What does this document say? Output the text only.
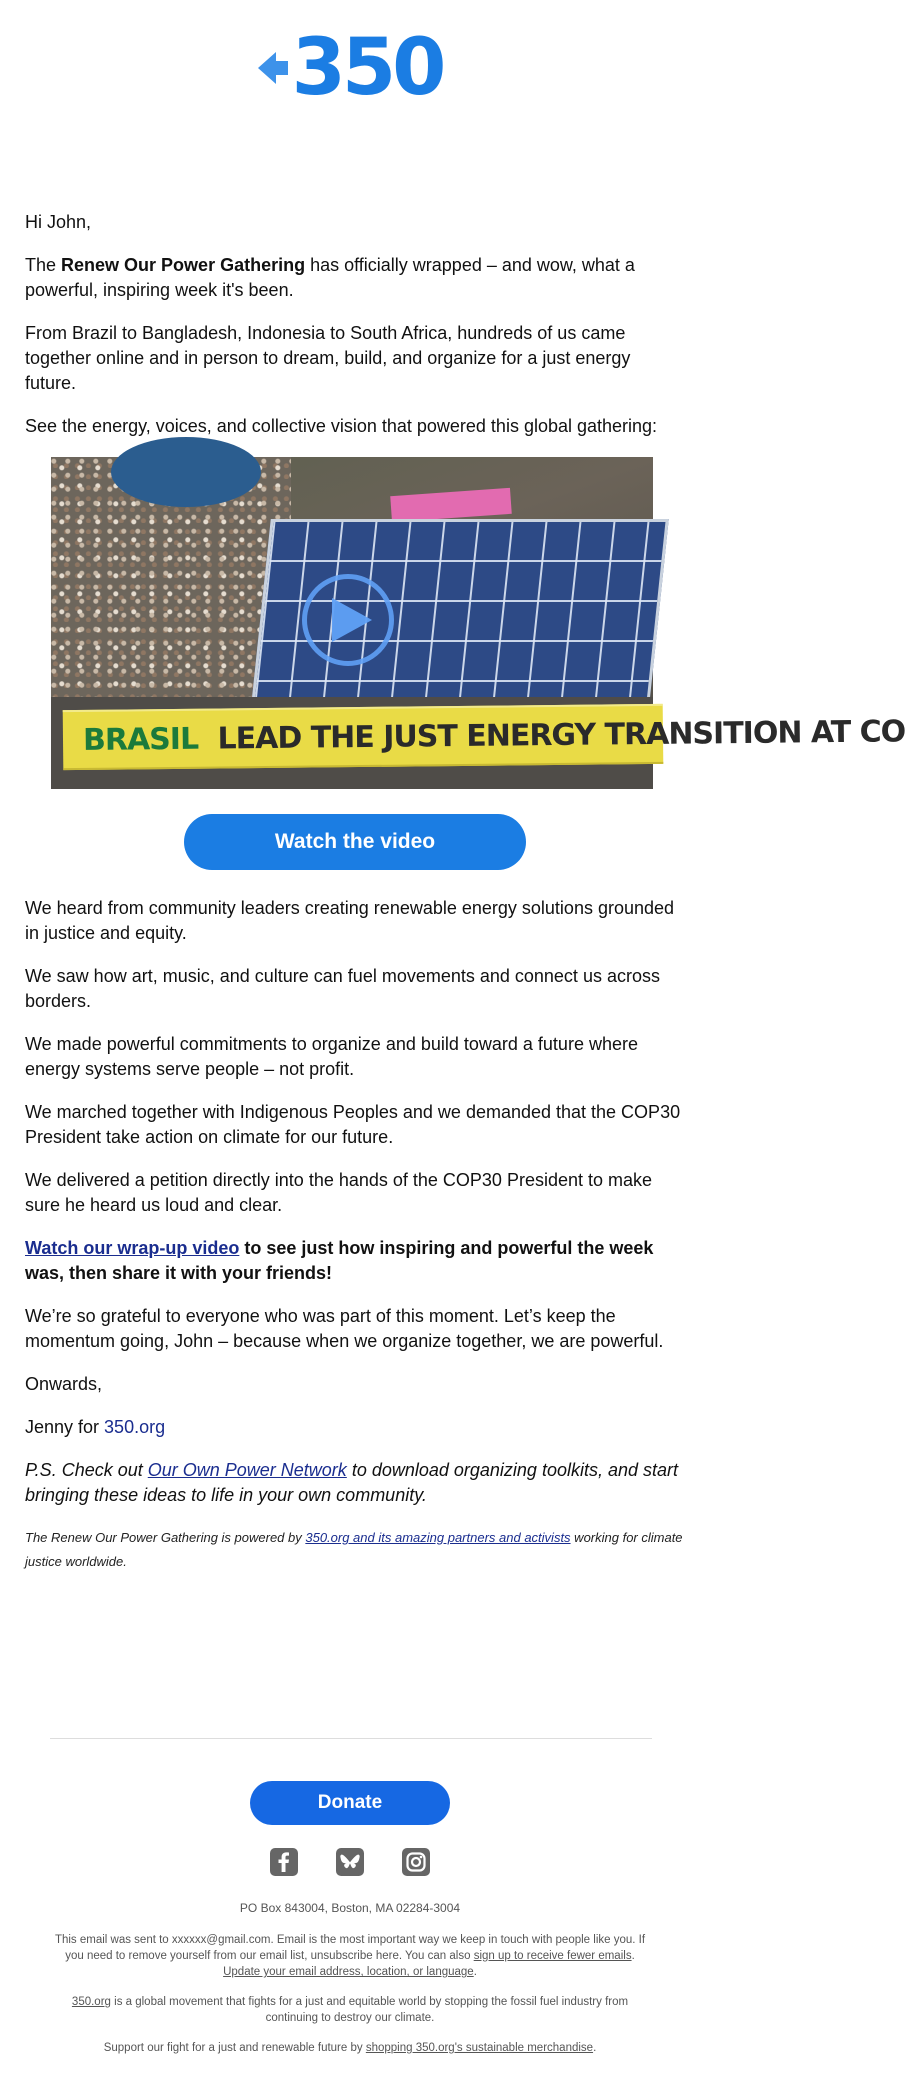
350

Hi John,

The Renew Our Power Gathering has officially wrapped – and wow, what a powerful, inspiring week it's been.

From Brazil to Bangladesh, Indonesia to South Africa, hundreds of us came together online and in person to dream, build, and organize for a just energy future.

See the energy, voices, and collective vision that powered this global gathering:

BRASIL LEAD THE JUST ENERGY TRANSITION AT CO
Watch the video

We heard from community leaders creating renewable energy solutions grounded in justice and equity.

We saw how art, music, and culture can fuel movements and connect us across borders.

We made powerful commitments to organize and build toward a future where energy systems serve people – not profit.

We marched together with Indigenous Peoples and we demanded that the COP30 President take action on climate for our future.

We delivered a petition directly into the hands of the COP30 President to make sure he heard us loud and clear.

Watch our wrap-up video to see just how inspiring and powerful the week was, then share it with your friends!

We’re so grateful to everyone who was part of this moment. Let’s keep the momentum going, John – because when we organize together, we are powerful.

Onwards,

Jenny for 350.org

P.S. Check out Our Own Power Network to download organizing toolkits, and start bringing these ideas to life in your own community.

The Renew Our Power Gathering is powered by 350.org and its amazing partners and activists working for climate justice worldwide.

Donate

PO Box 843004, Boston, MA 02284-3004

This email was sent to xxxxxx@gmail.com. Email is the most important way we keep in touch with people like you. If you need to remove yourself from our email list, unsubscribe here. You can also sign up to receive fewer emails. Update your email address, location, or language.

350.org is a global movement that fights for a just and equitable world by stopping the fossil fuel industry from continuing to destroy our climate.

Support our fight for a just and renewable future by shopping 350.org's sustainable merchandise.
